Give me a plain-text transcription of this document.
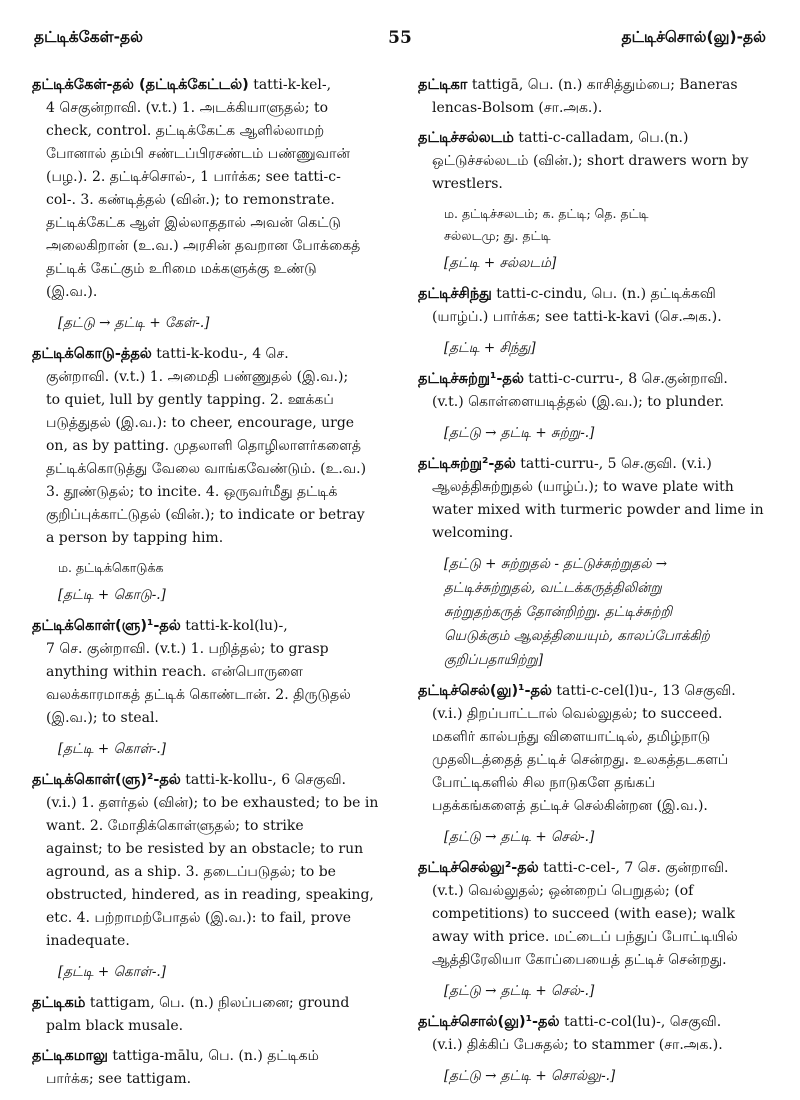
தட்டிக்கேள்-தல்	55	தட்டிச்சொல்(லு)-தல்
தட்டிக்கேள்-தல் (தட்டிக்கேட்டல்) tatti-k-kel-,
4 செகுன்றாவி. (v.t.) 1. அடக்கியாளுதல்; to
check, control. தட்டிக்கேட்க ஆளில்லாமற்
போனால் தம்பி சண்டப்பிரசண்டம் பண்ணுவான்
(பழ.). 2. தட்டிச்சொல்-, 1 பார்க்க; see tatti-c-
col-. 3. கண்டித்தல் (வின்.); to remonstrate.
தட்டிக்கேட்க ஆள் இல்லாததால் அவன் கெட்டு
அலைகிறான் (உ.வ.) அரசின் தவறான போக்கைத்
தட்டிக் கேட்கும் உரிமை மக்களுக்கு உண்டு
(இ.வ.).
[தட்டு → தட்டி + கேள்-.]
தட்டிக்கொடு-த்தல் tatti-k-kodu-, 4 செ.
குன்றாவி. (v.t.) 1. அமைதி பண்ணுதல் (இ.வ.);
to quiet, lull by gently tapping. 2. ஊக்கப்
படுத்துதல் (இ.வ.): to cheer, encourage, urge
on, as by patting. முதலாளி தொழிலாளர்களைத்
தட்டிக்கொடுத்து வேலை வாங்கவேண்டும். (உ.வ.)
3. தூண்டுதல்; to incite. 4. ஒருவர்மீது தட்டிக்
குறிப்புக்காட்டுதல் (வின்.); to indicate or betray
a person by tapping him.
ம. தட்டிக்கொடுக்க
[தட்டி + கொடு-.]
தட்டிக்கொள்(ளு)¹-தல் tatti-k-kol(lu)-,
7 செ. குன்றாவி. (v.t.) 1. பறித்தல்; to grasp
anything within reach. என்பொருளை
வலக்காரமாகத் தட்டிக் கொண்டான். 2. திருடுதல்
(இ.வ.); to steal.
[தட்டி + கொள்-.]
தட்டிக்கொள்(ளு)²-தல் tatti-k-kollu-, 6 செகுவி.
(v.i.) 1. தளர்தல் (வின்); to be exhausted; to be in
want. 2. மோதிக்கொள்ளுதல்; to strike
against; to be resisted by an obstacle; to run
aground, as a ship. 3. தடைப்படுதல்; to be
obstructed, hindered, as in reading, speaking,
etc. 4. பற்றாமற்போதல் (இ.வ.): to fail, prove
inadequate.
[தட்டி + கொள்-.]
தட்டிகம் tattigam, பெ. (n.) நிலப்பனை; ground
palm black musale.
தட்டிகமாலு tattiga-mālu, பெ. (n.) தட்டிகம்
பார்க்க; see tattigam.
தட்டிகா tattigā, பெ. (n.) காசித்தும்பை; Baneras
lencas-Bolsom (சா.அக.).
தட்டிச்சல்லடம் tatti-c-calladam, பெ.(n.)
ஒட்டுச்சல்லடம் (வின்.); short drawers worn by
wrestlers.
ம. தட்டிச்சலடம்; க. தட்டி; தெ. தட்டி
சல்லடமு; து. தட்டி
[தட்டி + சல்லடம்]
தட்டிச்சிந்து tatti-c-cindu, பெ. (n.) தட்டிக்கவி
(யாழ்ப்.) பார்க்க; see tatti-k-kavi (செ.அக.).
[தட்டி + சிந்து]
தட்டிச்சுற்று¹-தல் tatti-c-curru-, 8 செ.குன்றாவி.
(v.t.) கொள்ளையடித்தல் (இ.வ.); to plunder.
[தட்டு → தட்டி + சுற்று-.]
தட்டிசுற்று²-தல் tatti-curru-, 5 செ.குவி. (v.i.)
ஆலத்திசுற்றுதல் (யாழ்ப்.); to wave plate with
water mixed with turmeric powder and lime in
welcoming.
[தட்டு + சுற்றுதல் - தட்டுச்சுற்றுதல் →
தட்டிச்சுற்றுதல், வட்டக்கருத்திலின்று
சுற்றுதற்கருத் தோன்றிற்று. தட்டிச்சுற்றி
யெடுக்கும் ஆலத்தியையும், காலப்போக்கிற்
குறிப்பதாயிற்று]
தட்டிச்செல்(லு)¹-தல் tatti-c-cel(l)u-, 13 செகுவி.
(v.i.) திறப்பாட்டால் வெல்லுதல்; to succeed.
மகளிர் கால்பந்து விளையாட்டில், தமிழ்நாடு
முதலிடத்தைத் தட்டிச் சென்றது. உலகத்தடகளப்
போட்டிகளில் சில நாடுகளே தங்கப்
பதக்கங்களைத் தட்டிச் செல்கின்றன (இ.வ.).
[தட்டு → தட்டி + செல்-.]
தட்டிச்செல்லு²-தல் tatti-c-cel-, 7 செ. குன்றாவி.
(v.t.) வெல்லுதல்; ஒன்றைப் பெறுதல்; (of
competitions) to succeed (with ease); walk
away with price. மட்டைப் பந்துப் போட்டியில்
ஆத்திரேலியா கோப்பையைத் தட்டிச் சென்றது.
[தட்டு → தட்டி + செல்-.]
தட்டிச்சொல்(லு)¹-தல் tatti-c-col(lu)-, செகுவி.
(v.i.) திக்கிப் பேசுதல்; to stammer (சா.அக.).
[தட்டு → தட்டி + சொல்லு-.]
